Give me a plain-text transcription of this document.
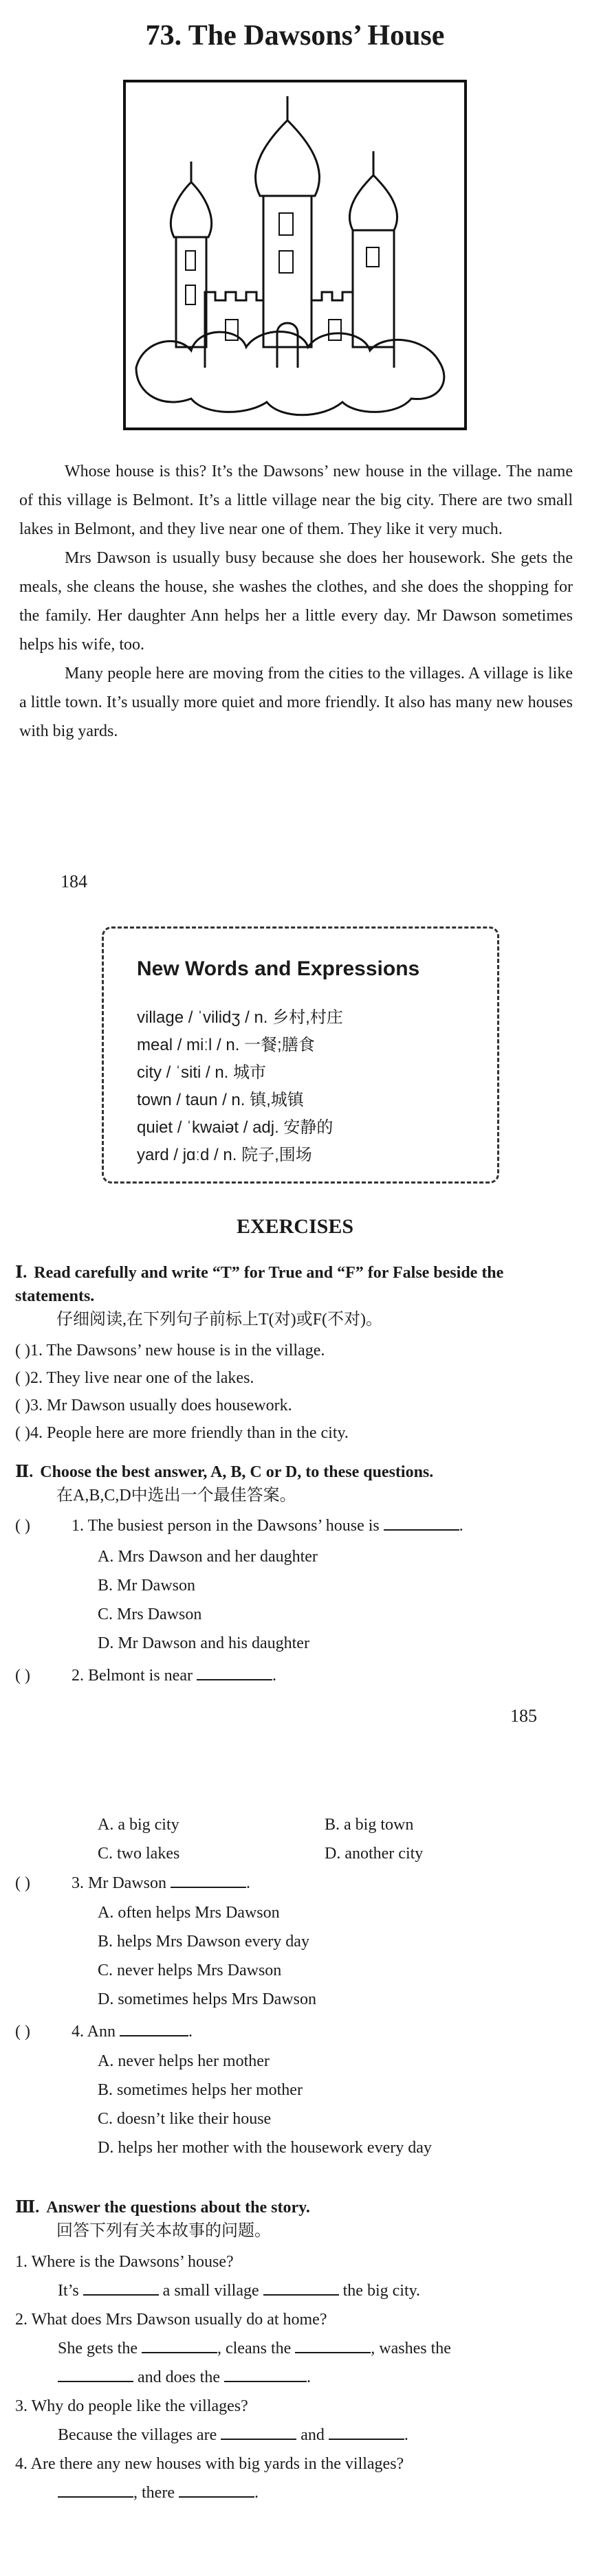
73. The Dawsons’ House

Whose house is this? It’s the Dawsons’ new house in the village. The name of this village is Belmont. It’s a little village near the big city. There are two small lakes in Belmont, and they live near one of them. They like it very much.

Mrs Dawson is usually busy because she does her housework. She gets the meals, she cleans the house, she washes the clothes, and she does the shopping for the family. Her daughter Ann helps her a little every day. Mr Dawson sometimes helps his wife, too.

Many people here are moving from the cities to the villages. A village is like a little town. It’s usually more quiet and more friendly. It also has many new houses with big yards.

184
New Words and Expressions
village / ˈvilidʒ / n. 乡村,村庄
meal / miːl / n. 一餐;膳食
city / ˈsiti / n. 城市
town / taun / n. 镇,城镇
quiet / ˈkwaiət / adj. 安静的
yard / jɑːd / n. 院子,围场
EXERCISES
Ⅰ. Read carefully and write “T” for True and “F” for False beside the statements.
仔细阅读,在下列句子前标上T(对)或F(不对)。
( )1. The Dawsons’ new house is in the village.
( )2. They live near one of the lakes.
( )3. Mr Dawson usually does housework.
( )4. People here are more friendly than in the city.
Ⅱ. Choose the best answer, A, B, C or D, to these questions.
在A,B,C,D中选出一个最佳答案。
( )	1. The busiest person in the Dawsons’ house is	.
A. Mrs Dawson and her daughter
B. Mr Dawson
C. Mrs Dawson
D. Mr Dawson and his daughter
( )	2. Belmont is near	.
185
A. a big city	B. a big town
C. two lakes	D. another city
( )	3. Mr Dawson	.
A. often helps Mrs Dawson
B. helps Mrs Dawson every day
C. never helps Mrs Dawson
D. sometimes helps Mrs Dawson
( )	4. Ann	.
A. never helps her mother
B. sometimes helps her mother
C. doesn’t like their house
D. helps her mother with the housework every day
Ⅲ. Answer the questions about the story.
回答下列有关本故事的问题。
1. Where is the Dawsons’ house?
It’s	a small village	the big city.
2. What does Mrs Dawson usually do at home?
She gets the	, cleans the	, washes the
and does the	.
3. Why do people like the villages?
Because the villages are	and	.
4. Are there any new houses with big yards in the villages?
, there	.
